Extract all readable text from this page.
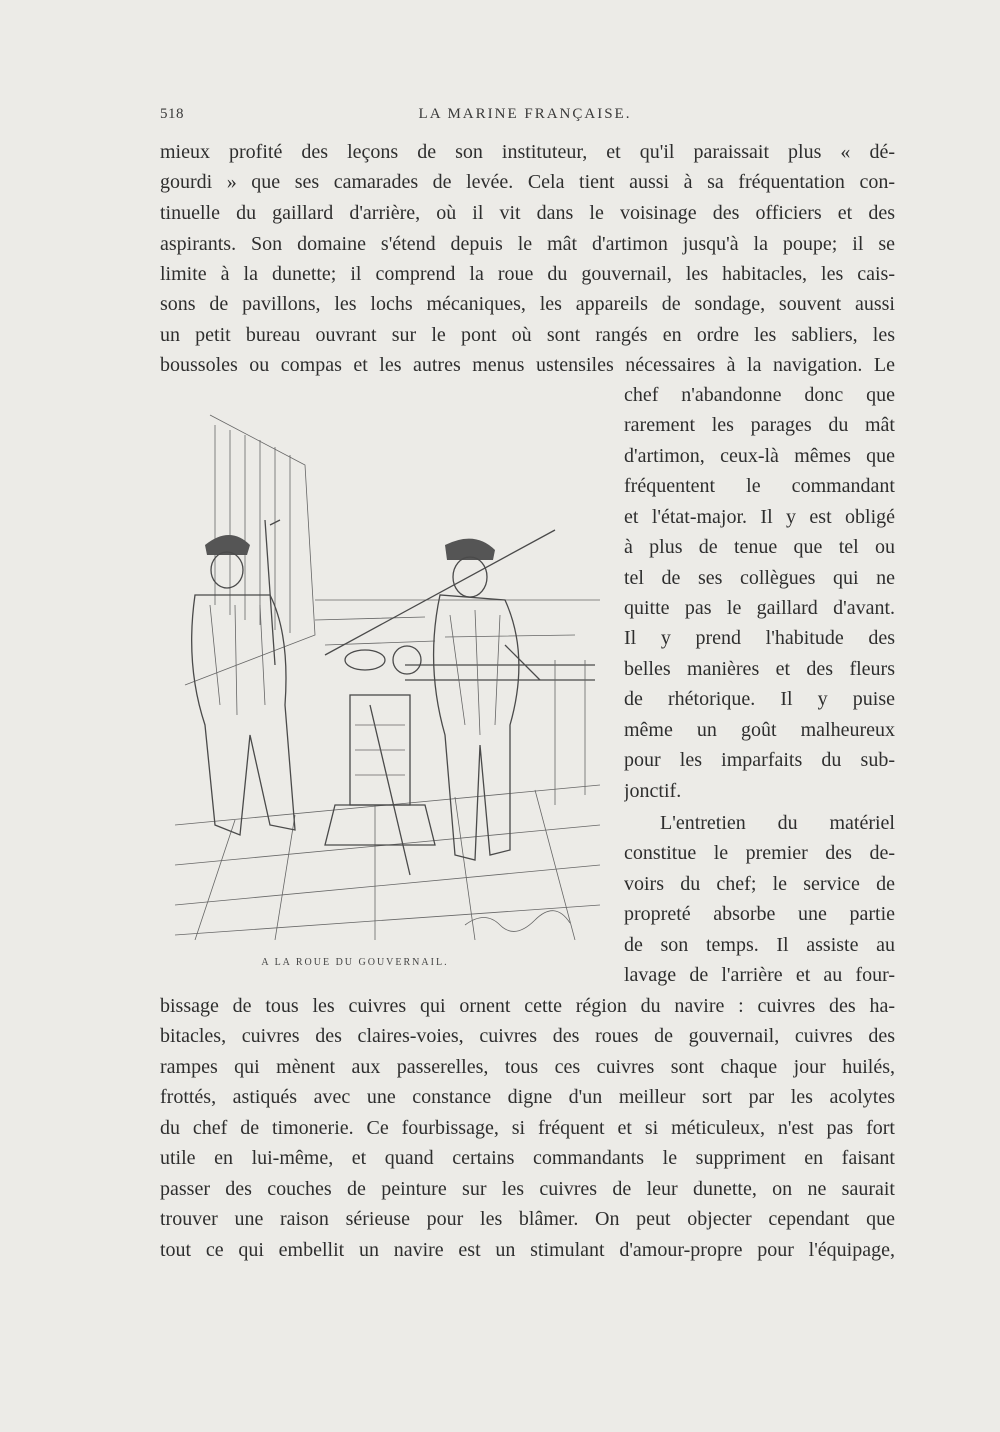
518	LA MARINE FRANÇAISE.
mieux profité des leçons de son instituteur, et qu'il paraissait plus « dé-
gourdi » que ses camarades de levée. Cela tient aussi à sa fréquentation con-
tinuelle du gaillard d'arrière, où il vit dans le voisinage des officiers et des
aspirants. Son domaine s'étend depuis le mât d'artimon jusqu'à la poupe; il se
limite à la dunette; il comprend la roue du gouvernail, les habitacles, les cais-
sons de pavillons, les lochs mécaniques, les appareils de sondage, souvent aussi
un petit bureau ouvrant sur le pont où sont rangés en ordre les sabliers, les
boussoles ou compas et les autres menus ustensiles nécessaires à la navigation. Le
chef n'abandonne donc que
rarement les parages du mât
d'artimon, ceux-là mêmes que
fréquentent le commandant
et l'état-major. Il y est obligé
à plus de tenue que tel ou
tel de ses collègues qui ne
quitte pas le gaillard d'avant.
Il y prend l'habitude des
belles manières et des fleurs
de rhétorique. Il y puise
même un goût malheureux
pour les imparfaits du sub-
jonctif.
L'entretien du matériel
constitue le premier des de-
voirs du chef; le service de
propreté absorbe une partie
de son temps. Il assiste au
lavage de l'arrière et au four-
bissage de tous les cuivres qui ornent cette région du navire : cuivres des ha-
bitacles, cuivres des claires-voies, cuivres des roues de gouvernail, cuivres des
rampes qui mènent aux passerelles, tous ces cuivres sont chaque jour huilés,
frottés, astiqués avec une constance digne d'un meilleur sort par les acolytes
du chef de timonerie. Ce fourbissage, si fréquent et si méticuleux, n'est pas fort
utile en lui-même, et quand certains commandants le suppriment en faisant
passer des couches de peinture sur les cuivres de leur dunette, on ne saurait
trouver une raison sérieuse pour les blâmer. On peut objecter cependant que
tout ce qui embellit un navire est un stimulant d'amour-propre pour l'équipage,
A LA ROUE DU GOUVERNAIL.
